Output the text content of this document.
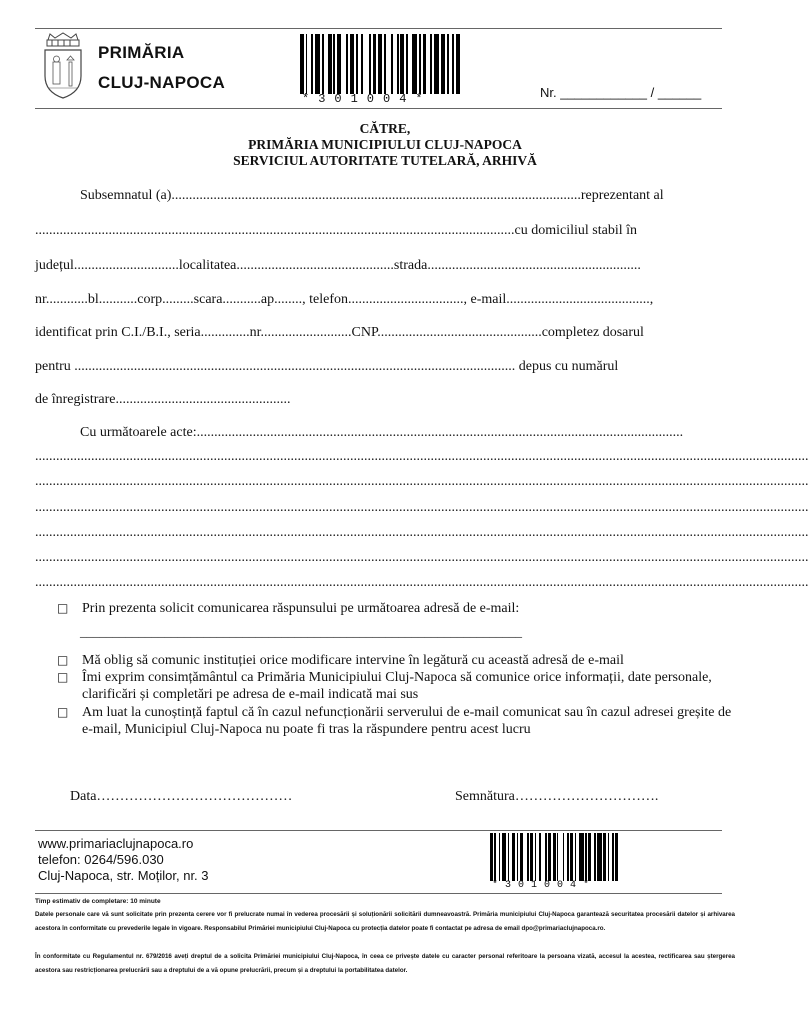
PRIMĂRIA
CLUJ-NAPOCA
*301004*	Nr. ____________ / ______
CĂTRE,
PRIMĂRIA MUNICIPIULUI CLUJ-NAPOCA
SERVICIUL AUTORITATE TUTELARĂ, ARHIVĂ
Subsemnatul (a).....................................................................................................................reprezentant al
.........................................................................................................................................cu domiciliul stabil în
județul..............................localitatea.............................................strada.............................................................
nr............bl...........corp.........scara...........ap........, telefon................................., e-mail.........................................,
identificat prin C.I./B.I., seria..............nr..........................CNP...............................................completez dosarul
pentru .............................................................................................................................. depus cu numărul
de înregistrare..................................................
Cu următoarele acte:...........................................................................................................................................
.............................................................................................................................................................................................................................
.............................................................................................................................................................................................................................
.............................................................................................................................................................................................................................
.............................................................................................................................................................................................................................
.............................................................................................................................................................................................................................
.............................................................................................................................................................................................................................
□ Prin prezenta solicit comunicarea răspunsului pe următoarea adresă de e-mail:
____________________________________________________________________
□ Mă oblig să comunic instituției orice modificare intervine în legătură cu această adresă de e-mail
□ Îmi exprim consimțământul ca Primăria Municipiului Cluj-Napoca să comunice orice informații, date personale, clarificări și completări pe adresa de e-mail indicată mai sus
□ Am luat la cunoștință faptul că în cazul nefuncționării serverului de e-mail comunicat sau în cazul adresei greșite de e-mail, Municipiul Cluj-Napoca nu poate fi tras la răspundere pentru acest lucru
Data……………………………………	Semnătura………………………….
www.primariaclujnapoca.ro
telefon: 0264/596.030
Cluj-Napoca, str. Moților, nr. 3
*301004*
Timp estimativ de completare: 10 minute
Datele personale care vă sunt solicitate prin prezenta cerere vor fi prelucrate numai în vederea procesării și soluționării solicitării dumneavoastră. Primăria municipiului Cluj-Napoca garantează securitatea procesării datelor și arhivarea acestora în conformitate cu prevederile legale în vigoare. Responsabilul Primăriei municipiului Cluj-Napoca cu protecția datelor poate fi contactat pe adresa de email dpo@primariaclujnapoca.ro.
În conformitate cu Regulamentul nr. 679/2016 aveți dreptul de a solicita Primăriei municipiului Cluj-Napoca, în ceea ce privește datele cu caracter personal referitoare la persoana vizată, accesul la acestea, rectificarea sau ștergerea acestora sau restricționarea prelucrării sau a dreptului de a vă opune prelucrării, precum și a dreptului la portabilitatea datelor.
